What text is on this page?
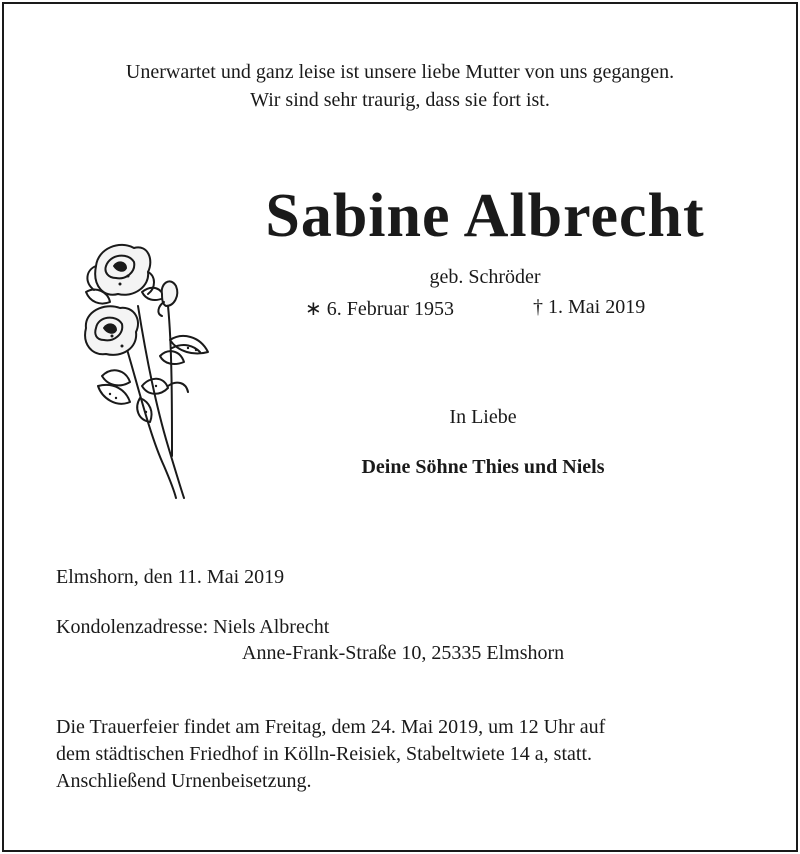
Unerwartet und ganz leise ist unsere liebe Mutter von uns gegangen.
Wir sind sehr traurig, dass sie fort ist.
Sabine Albrecht
geb. Schröder
∗ 6. Februar 1953	† 1. Mai 2019
In Liebe
Deine Söhne Thies und Niels
Elmshorn, den 11. Mai 2019
Kondolenzadresse: Niels Albrecht
Anne-Frank-Straße 10, 25335 Elmshorn
Die Trauerfeier findet am Freitag, dem 24. Mai 2019, um 12 Uhr auf
dem städtischen Friedhof in Kölln-Reisiek, Stabeltwiete 14 a, statt.
Anschließend Urnenbeisetzung.
